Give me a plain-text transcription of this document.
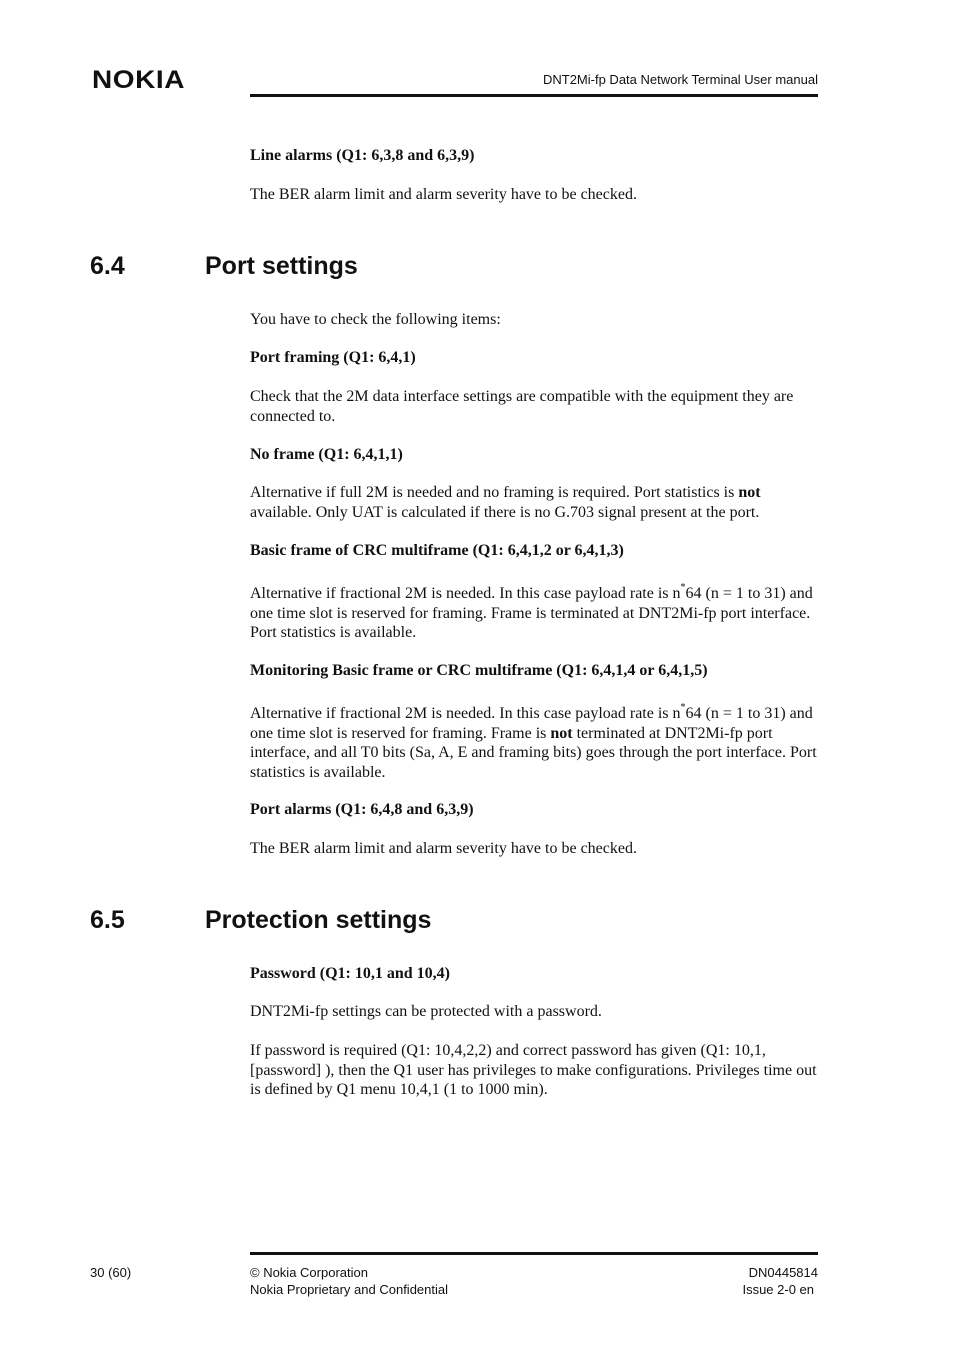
NOKIA	DNT2Mi-fp Data Network Terminal User manual

Line alarms (Q1: 6,3,8 and 6,3,9)

The BER alarm limit and alarm severity have to be checked.

6.4	Port settings

You have to check the following items:

Port framing (Q1: 6,4,1)

Check that the 2M data interface settings are compatible with the equipment they are connected to.

No frame (Q1: 6,4,1,1)

Alternative if full 2M is needed and no framing is required. Port statistics is not available. Only UAT is calculated if there is no G.703 signal present at the port.

Basic frame of CRC multiframe (Q1: 6,4,1,2 or 6,4,1,3)

Alternative if fractional 2M is needed. In this case payload rate is n*64 (n = 1 to 31) and one time slot is reserved for framing. Frame is terminated at DNT2Mi-fp port interface. Port statistics is available.

Monitoring Basic frame or CRC multiframe (Q1: 6,4,1,4 or 6,4,1,5)

Alternative if fractional 2M is needed. In this case payload rate is n*64 (n = 1 to 31) and one time slot is reserved for framing. Frame is not terminated at DNT2Mi-fp port interface, and all T0 bits (Sa, A, E and framing bits) goes through the port interface. Port statistics is available.

Port alarms (Q1: 6,4,8 and 6,3,9)

The BER alarm limit and alarm severity have to be checked.

6.5	Protection settings

Password (Q1: 10,1 and 10,4)

DNT2Mi-fp settings can be protected with a password.

If password is required (Q1: 10,4,2,2) and correct password has given (Q1: 10,1,[password] ), then the Q1 user has privileges to make configurations. Privileges time out is defined by Q1 menu 10,4,1 (1 to 1000 min).

30 (60)	© Nokia Corporation
Nokia Proprietary and Confidential
DN0445814
Issue 2-0 en
